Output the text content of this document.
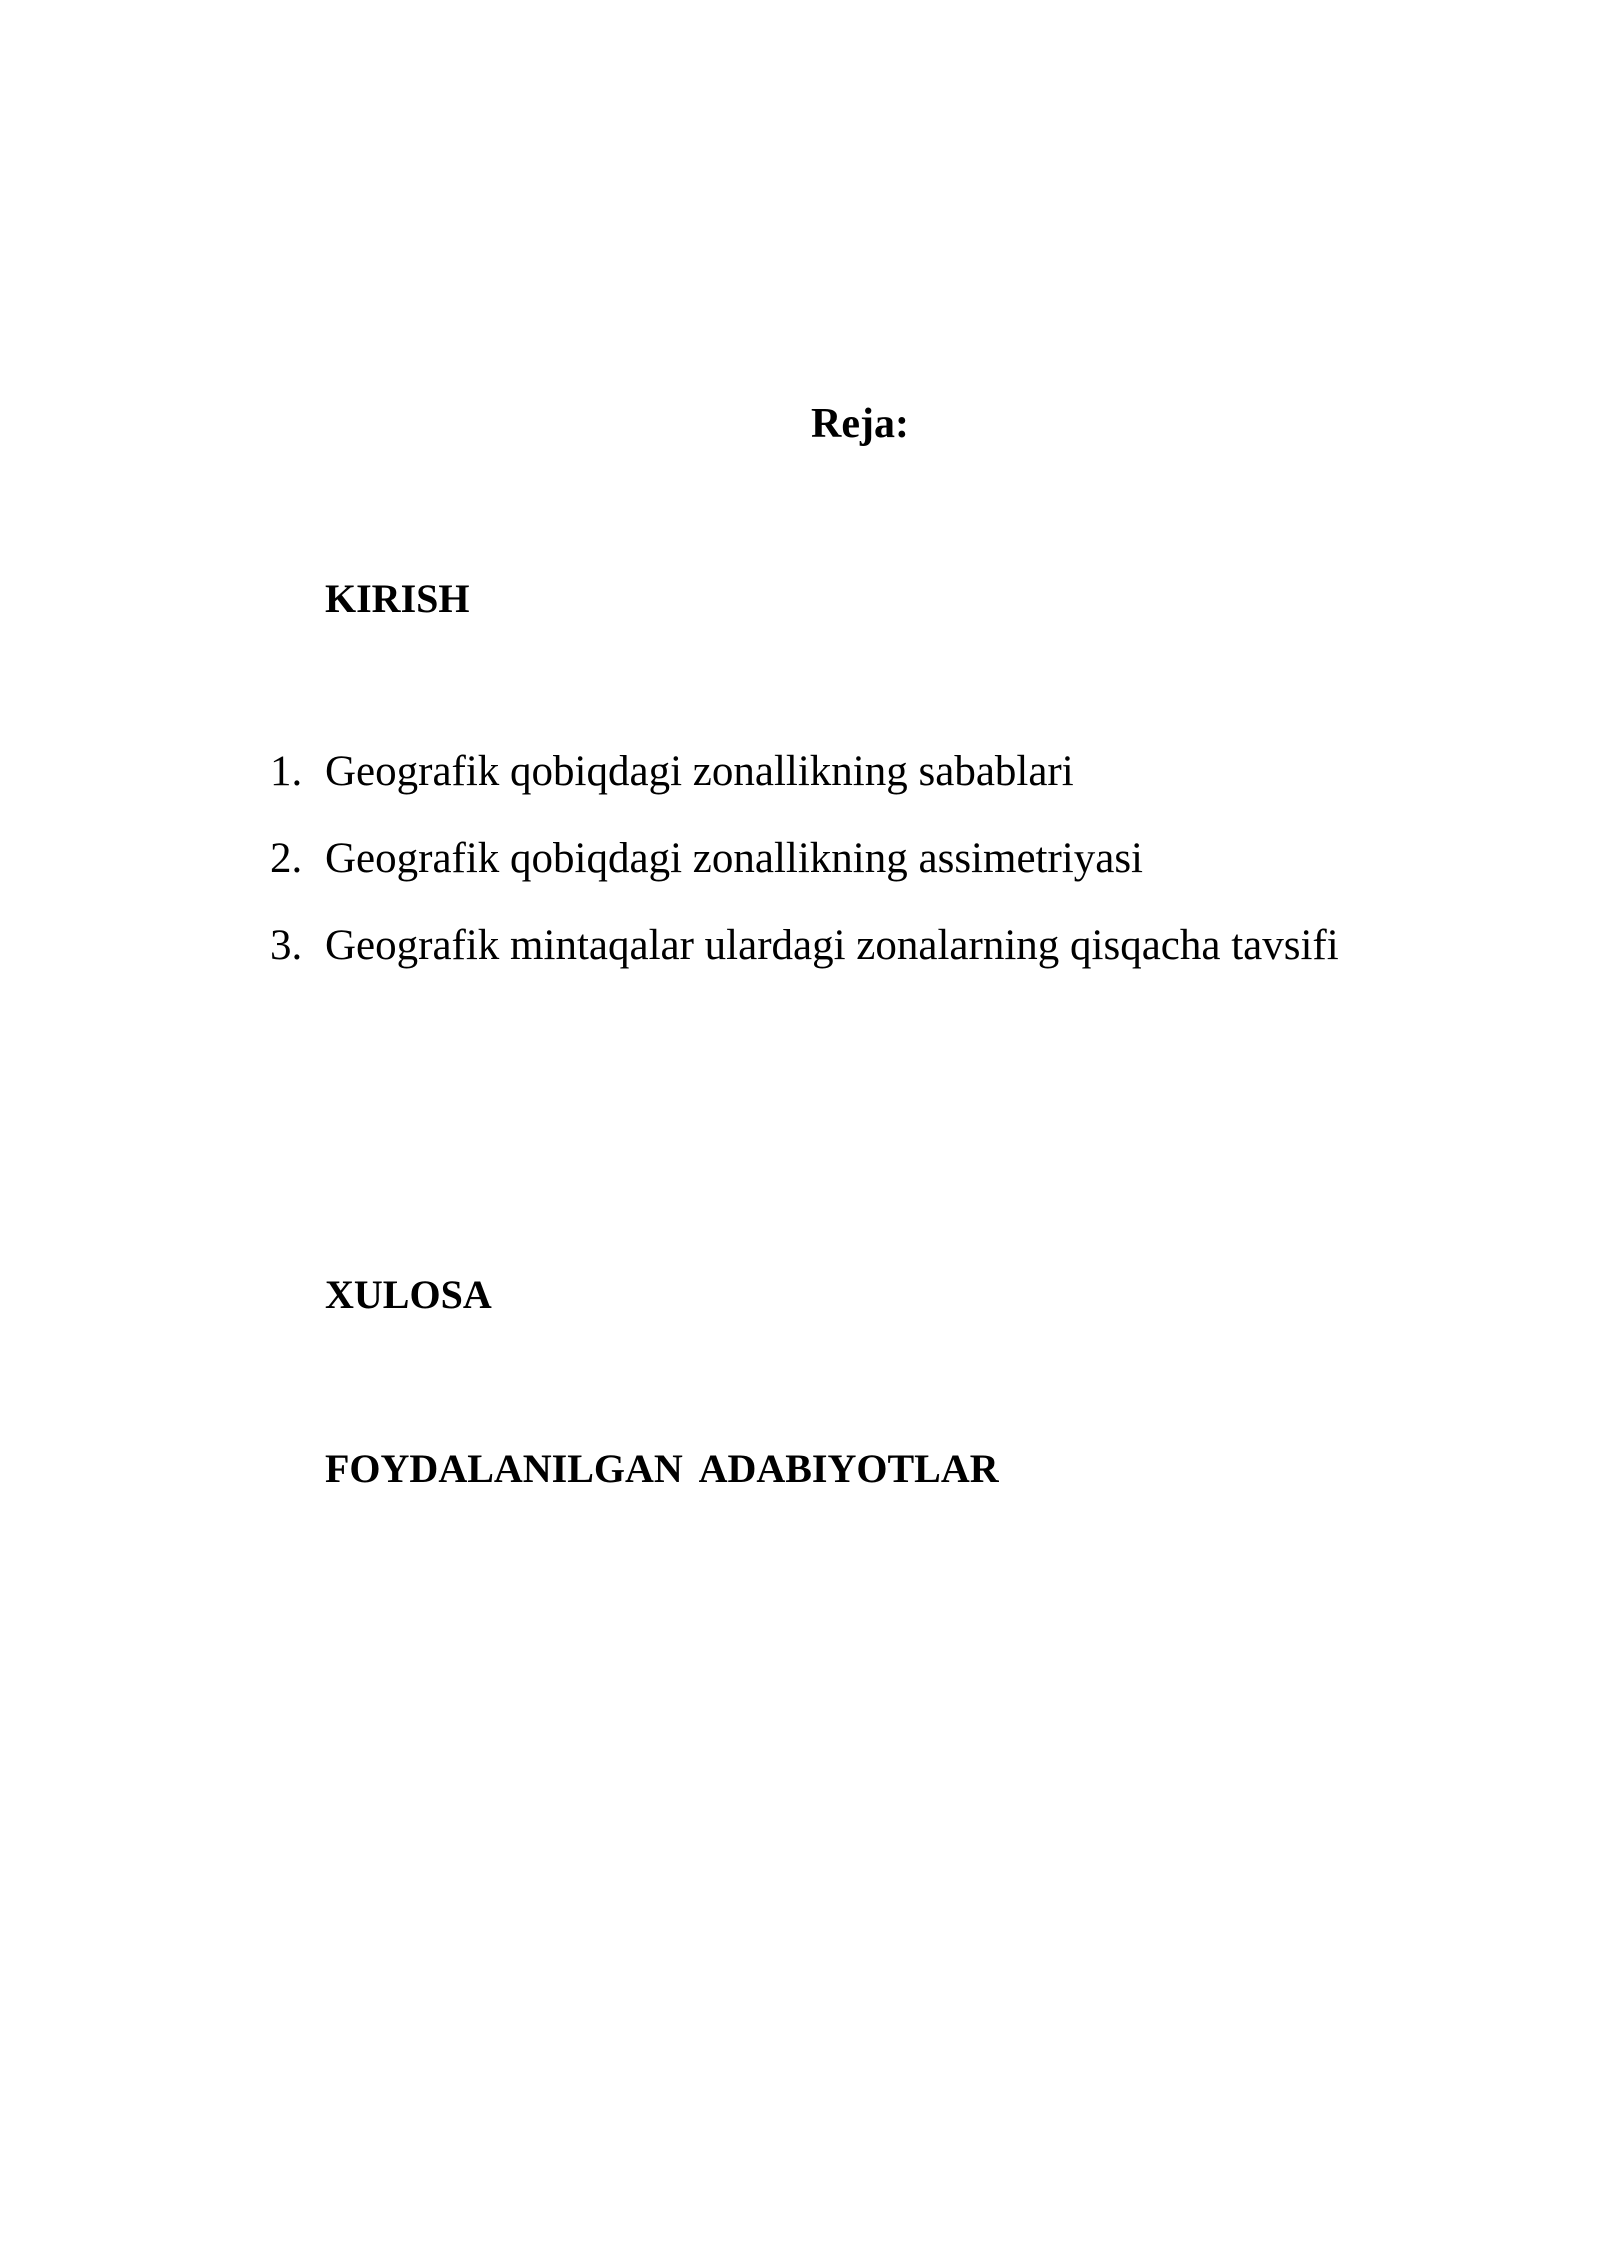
Reja:
KIRISH
1. Geografik qobiqdagi zonallikning sabablari
2. Geografik qobiqdagi zonallikning assimetriyasi
3. Geografik mintaqalar ulardagi zonalarning qisqacha tavsifi
XULOSA
FOYDALANILGAN ADABIYOTLAR
